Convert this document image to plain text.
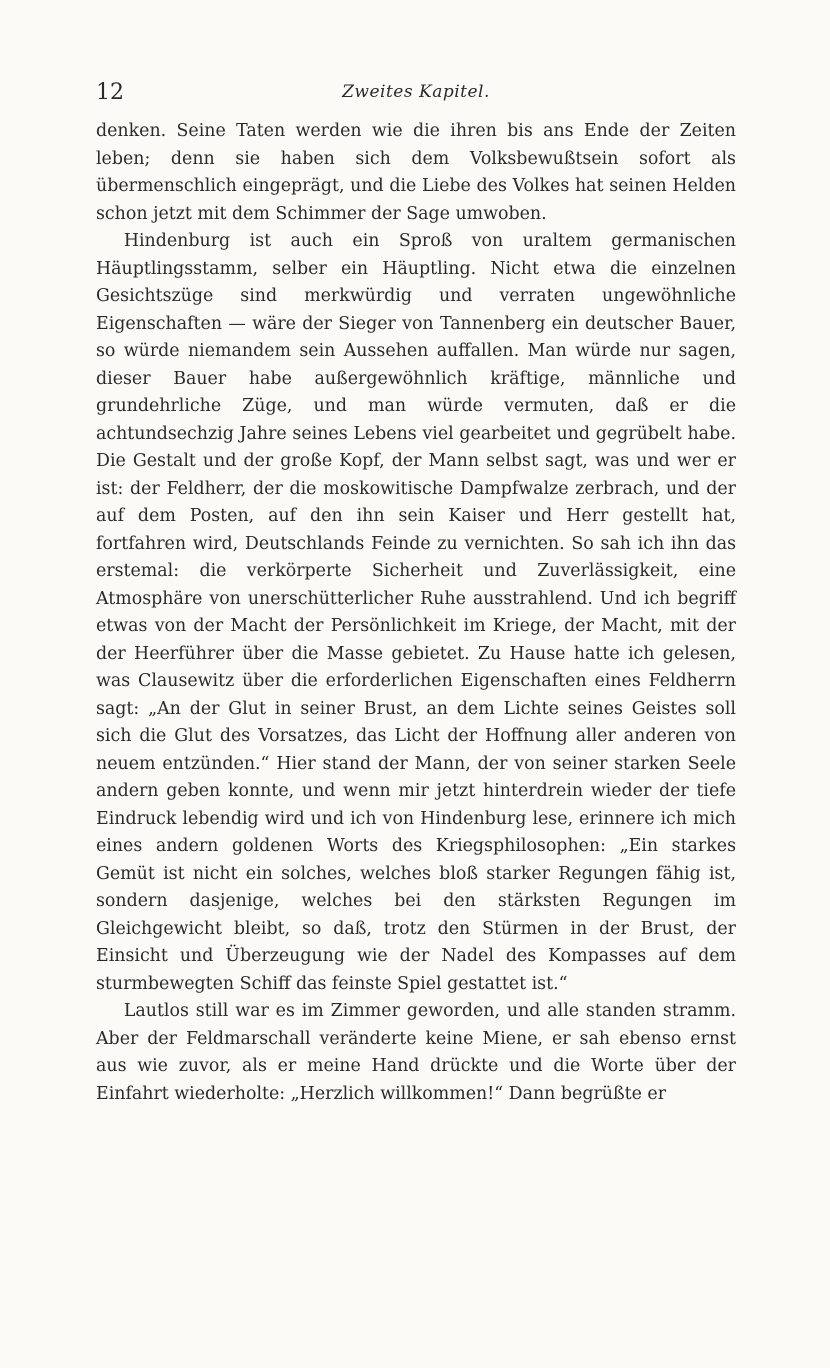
12	Zweites Kapitel.

denken. Seine Taten werden wie die ihren bis ans Ende der Zeiten leben; denn sie haben sich dem Volksbewußtsein sofort als übermenschlich eingeprägt, und die Liebe des Volkes hat seinen Helden schon jetzt mit dem Schimmer der Sage umwoben.

Hindenburg ist auch ein Sproß von uraltem germanischen Häuptlingsstamm, selber ein Häuptling. Nicht etwa die einzelnen Gesichtszüge sind merkwürdig und verraten ungewöhnliche Eigenschaften — wäre der Sieger von Tannenberg ein deutscher Bauer, so würde niemandem sein Aussehen auffallen. Man würde nur sagen, dieser Bauer habe außergewöhnlich kräftige, männliche und grundehrliche Züge, und man würde vermuten, daß er die achtundsechzig Jahre seines Lebens viel gearbeitet und gegrübelt habe. Die Gestalt und der große Kopf, der Mann selbst sagt, was und wer er ist: der Feldherr, der die moskowitische Dampfwalze zerbrach, und der auf dem Posten, auf den ihn sein Kaiser und Herr gestellt hat, fortfahren wird, Deutschlands Feinde zu vernichten. So sah ich ihn das erstemal: die verkörperte Sicherheit und Zuverlässigkeit, eine Atmosphäre von unerschütterlicher Ruhe ausstrahlend. Und ich begriff etwas von der Macht der Persönlichkeit im Kriege, der Macht, mit der der Heerführer über die Masse gebietet. Zu Hause hatte ich gelesen, was Clausewitz über die erforderlichen Eigenschaften eines Feldherrn sagt: „An der Glut in seiner Brust, an dem Lichte seines Geistes soll sich die Glut des Vorsatzes, das Licht der Hoffnung aller anderen von neuem entzünden.“ Hier stand der Mann, der von seiner starken Seele andern geben konnte, und wenn mir jetzt hinterdrein wieder der tiefe Eindruck lebendig wird und ich von Hindenburg lese, erinnere ich mich eines andern goldenen Worts des Kriegsphilosophen: „Ein starkes Gemüt ist nicht ein solches, welches bloß starker Regungen fähig ist, sondern dasjenige, welches bei den stärksten Regungen im Gleichgewicht bleibt, so daß, trotz den Stürmen in der Brust, der Einsicht und Überzeugung wie der Nadel des Kompasses auf dem sturmbewegten Schiff das feinste Spiel gestattet ist.“

Lautlos still war es im Zimmer geworden, und alle standen stramm. Aber der Feldmarschall veränderte keine Miene, er sah ebenso ernst aus wie zuvor, als er meine Hand drückte und die Worte über der Einfahrt wiederholte: „Herzlich willkommen!“ Dann begrüßte er
